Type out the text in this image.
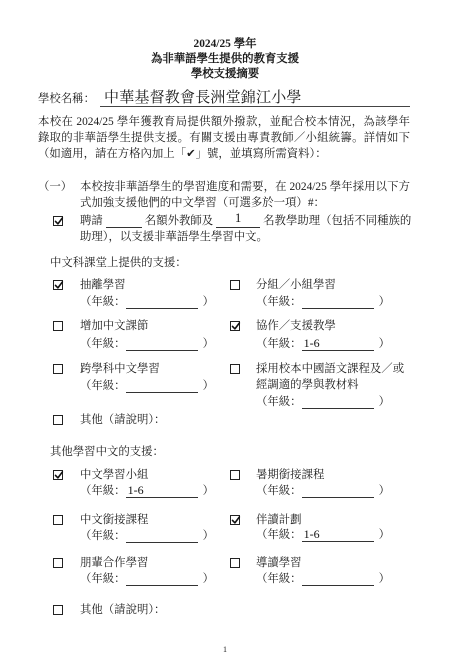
2024/25 學年
為非華語學生提供的教育支援
學校支援摘要
學校名稱： 中華基督教會長洲堂錦江小學
本校在 2024/25 學年獲教育局提供額外撥款，並配合校本情況，為該學年
錄取的非華語學生提供支援。有關支援由專責教師／小組統籌。詳情如下
（如適用，請在方格內加上「✔」號，並填寫所需資料）：
（一） 本校按非華語學生的學習進度和需要，在 2024/25 學年採用以下方
式加強支援他們的中文學習（可選多於一項）#：
聘請	名額外教師及 1 名教學助理（包括不同種族的
助理），以支援非華語學生學習中文。
中文科課堂上提供的支援：
抽離學習
（年級：	）
分組／小組學習
（年級：	）
增加中文課節
（年級：	）
協作／支援教學
（年級： 1-6	）
跨學科中文學習
（年級：	）
採用校本中國語文課程及／或
經調適的學與教材料
（年級：	）
其他（請說明）：
其他學習中文的支援：
中文學習小組
（年級： 1-6	）
暑期銜接課程
（年級：	）
中文銜接課程
（年級：	）
伴讀計劃
（年級： 1-6	）
朋輩合作學習
（年級：	）
導讀學習
（年級：	）
其他（請說明）：
1
